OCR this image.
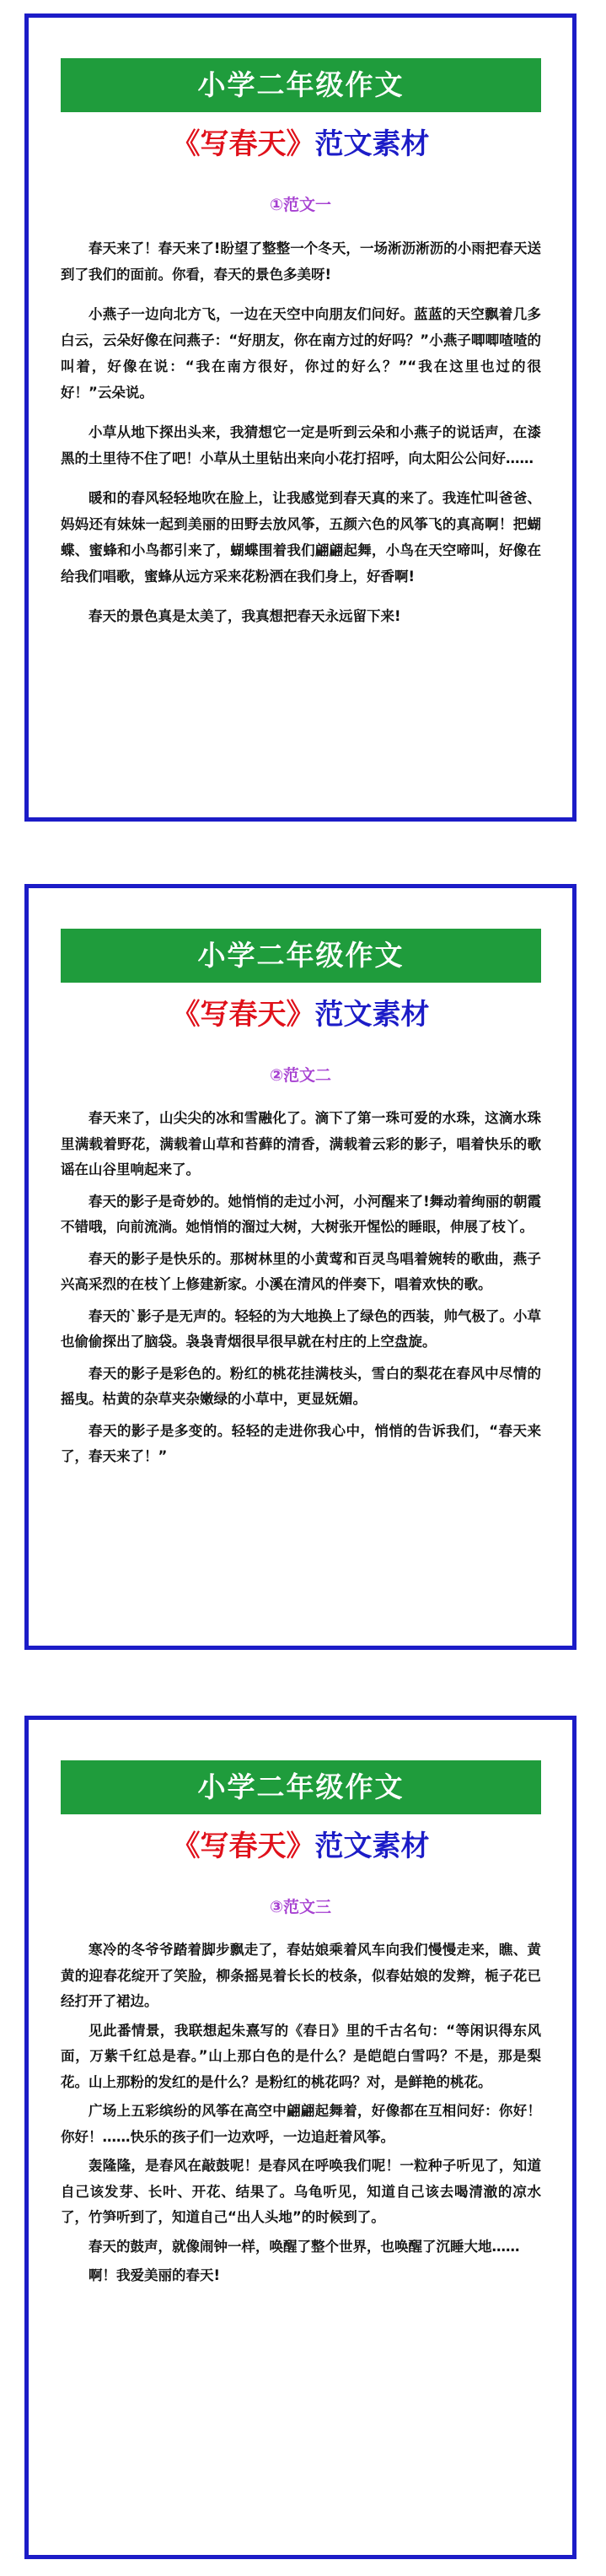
小学二年级作文
《写春天》范文素材
①范文一

春天来了！春天来了!盼望了整整一个冬天，一场淅沥淅沥的小雨把春天送到了我们的面前。你看，春天的景色多美呀!

小燕子一边向北方飞，一边在天空中向朋友们问好。蓝蓝的天空飘着几多白云，云朵好像在问燕子：“好朋友，你在南方过的好吗？”小燕子唧唧喳喳的叫着，好像在说：“我在南方很好，你过的好么？”“我在这里也过的很好！”云朵说。

小草从地下探出头来，我猜想它一定是听到云朵和小燕子的说话声，在漆黑的土里待不住了吧！小草从土里钻出来向小花打招呼，向太阳公公问好……

暖和的春风轻轻地吹在脸上，让我感觉到春天真的来了。我连忙叫爸爸、妈妈还有妹妹一起到美丽的田野去放风筝，五颜六色的风筝飞的真高啊！把蝴蝶、蜜蜂和小鸟都引来了，蝴蝶围着我们翩翩起舞，小鸟在天空啼叫，好像在给我们唱歌，蜜蜂从远方采来花粉洒在我们身上，好香啊!

春天的景色真是太美了，我真想把春天永远留下来!

小学二年级作文
《写春天》范文素材
②范文二

春天来了，山尖尖的冰和雪融化了。滴下了第一珠可爱的水珠，这滴水珠里满载着野花，满载着山草和苔藓的清香，满载着云彩的影子，唱着快乐的歌谣在山谷里响起来了。

春天的影子是奇妙的。她悄悄的走过小河，小河醒来了!舞动着绚丽的朝霞不错哦，向前流淌。她悄悄的溜过大树，大树张开惺忪的睡眼，伸展了枝丫。

春天的影子是快乐的。那树林里的小黄莺和百灵鸟唱着婉转的歌曲，燕子兴高采烈的在枝丫上修建新家。小溪在清风的伴奏下，唱着欢快的歌。

春天的`影子是无声的。轻轻的为大地换上了绿色的西装，帅气极了。小草也偷偷探出了脑袋。袅袅青烟很早很早就在村庄的上空盘旋。

春天的影子是彩色的。粉红的桃花挂满枝头，雪白的梨花在春风中尽情的摇曳。枯黄的杂草夹杂嫩绿的小草中，更显妩媚。

春天的影子是多变的。轻轻的走进你我心中，悄悄的告诉我们，“春天来了，春天来了！”

小学二年级作文
《写春天》范文素材
③范文三

寒冷的冬爷爷踏着脚步飘走了，春姑娘乘着风车向我们慢慢走来，瞧、黄黄的迎春花绽开了笑脸，柳条摇晃着长长的枝条，似春姑娘的发辫，栀子花已经打开了裙边。

见此番情景，我联想起朱熹写的《春日》里的千古名句：“等闲识得东风面，万紫千红总是春。”山上那白色的是什么？是皑皑白雪吗？不是，那是梨花。山上那粉的发红的是什么？是粉红的桃花吗？对，是鲜艳的桃花。

广场上五彩缤纷的风筝在高空中翩翩起舞着，好像都在互相问好：你好！你好！……快乐的孩子们一边欢呼，一边追赶着风筝。

轰隆隆，是春风在敲鼓呢！是春风在呼唤我们呢！一粒种子听见了，知道自己该发芽、长叶、开花、结果了。乌龟听见，知道自己该去喝清澈的凉水了，竹笋听到了，知道自己“出人头地”的时候到了。

春天的鼓声，就像闹钟一样，唤醒了整个世界，也唤醒了沉睡大地……

啊！我爱美丽的春天!
